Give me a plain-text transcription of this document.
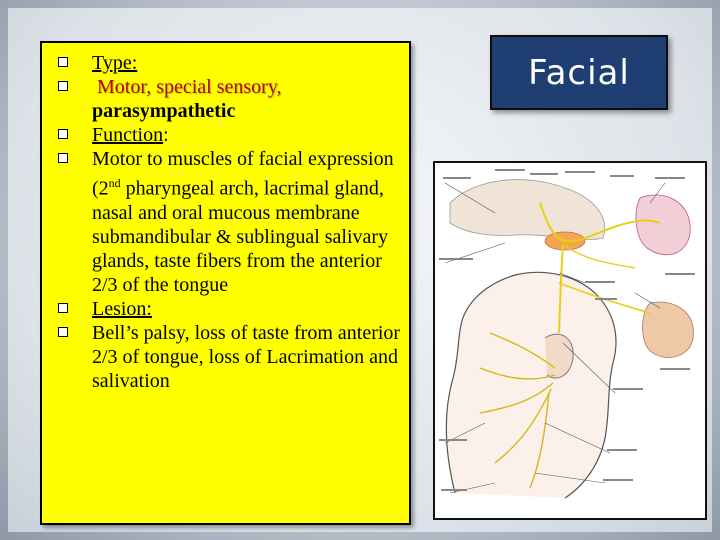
Type:
Motor, special sensory,
parasympathetic
Function:
Motor to muscles of facial expression (2nd pharyngeal arch, lacrimal gland, nasal and oral mucous membrane submandibular & sublingual salivary glands, taste fibers from the anterior 2/3 of the tongue
Lesion:
Bell’s palsy, loss of taste from anterior 2/3 of tongue, loss of Lacrimation and salivation
Facial
